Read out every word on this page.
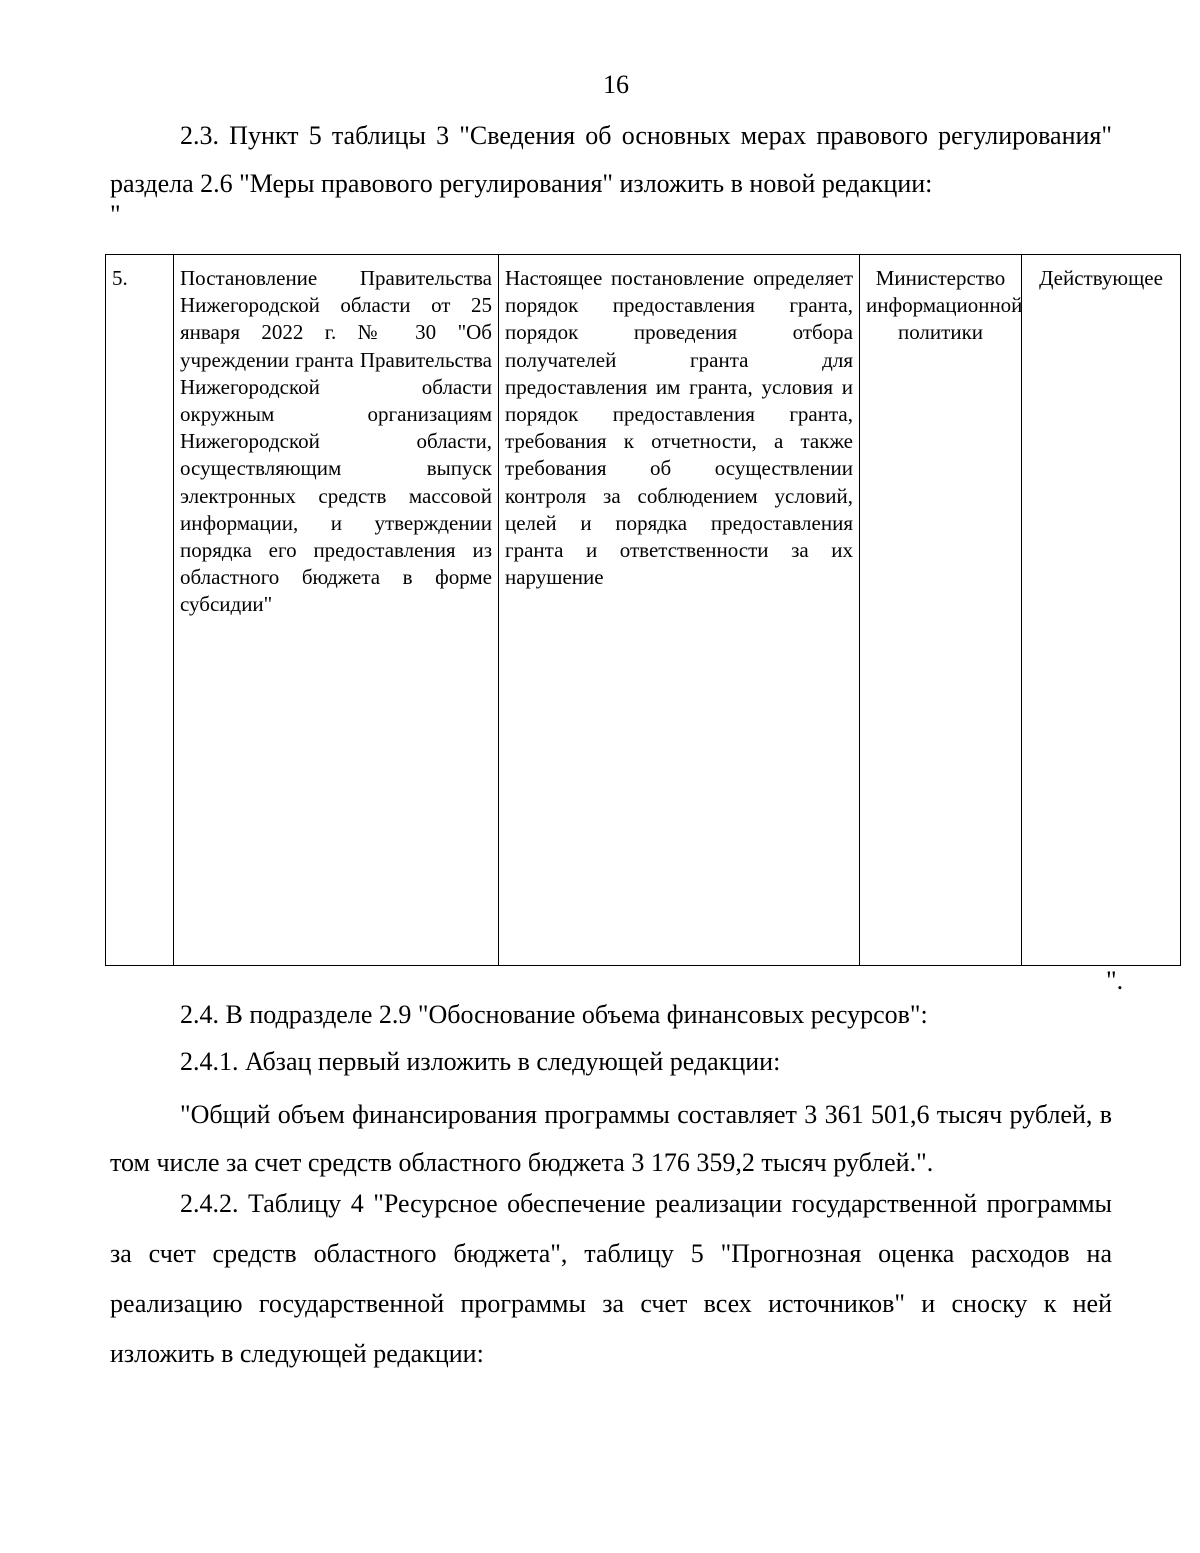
16

2.3. Пункт 5 таблицы 3 "Сведения об основных мерах правового регулирования" раздела 2.6 "Меры правового регулирования" изложить в новой редакции:

"
5.	Постановление Правительства Нижегородской области от 25 января 2022 г. № 30 "Об учреждении гранта Правительства Нижегородской области окружным организациям Нижегородской области, осуществляющим выпуск электронных средств массовой информации, и утверждении порядка его предоставления из областного бюджета в форме субсидии"	Настоящее постановление определяет порядок предоставления гранта, порядок проведения отбора получателей гранта для предоставления им гранта, условия и порядок предоставления гранта, требования к отчетности, а также требования об осуществлении контроля за соблюдением условий, целей и порядка предоставления гранта и ответственности за их нарушение	Министерство информационной политики	Действующее
".

2.4. В подразделе 2.9 "Обоснование объема финансовых ресурсов":

2.4.1. Абзац первый изложить в следующей редакции:

"Общий объем финансирования программы составляет 3 361 501,6 тысяч рублей, в том числе за счет средств областного бюджета 3 176 359,2 тысяч рублей.".

2.4.2. Таблицу 4 "Ресурсное обеспечение реализации государственной программы за счет средств областного бюджета", таблицу 5 "Прогнозная оценка расходов на реализацию государственной программы за счет всех источников" и сноску к ней изложить в следующей редакции:
